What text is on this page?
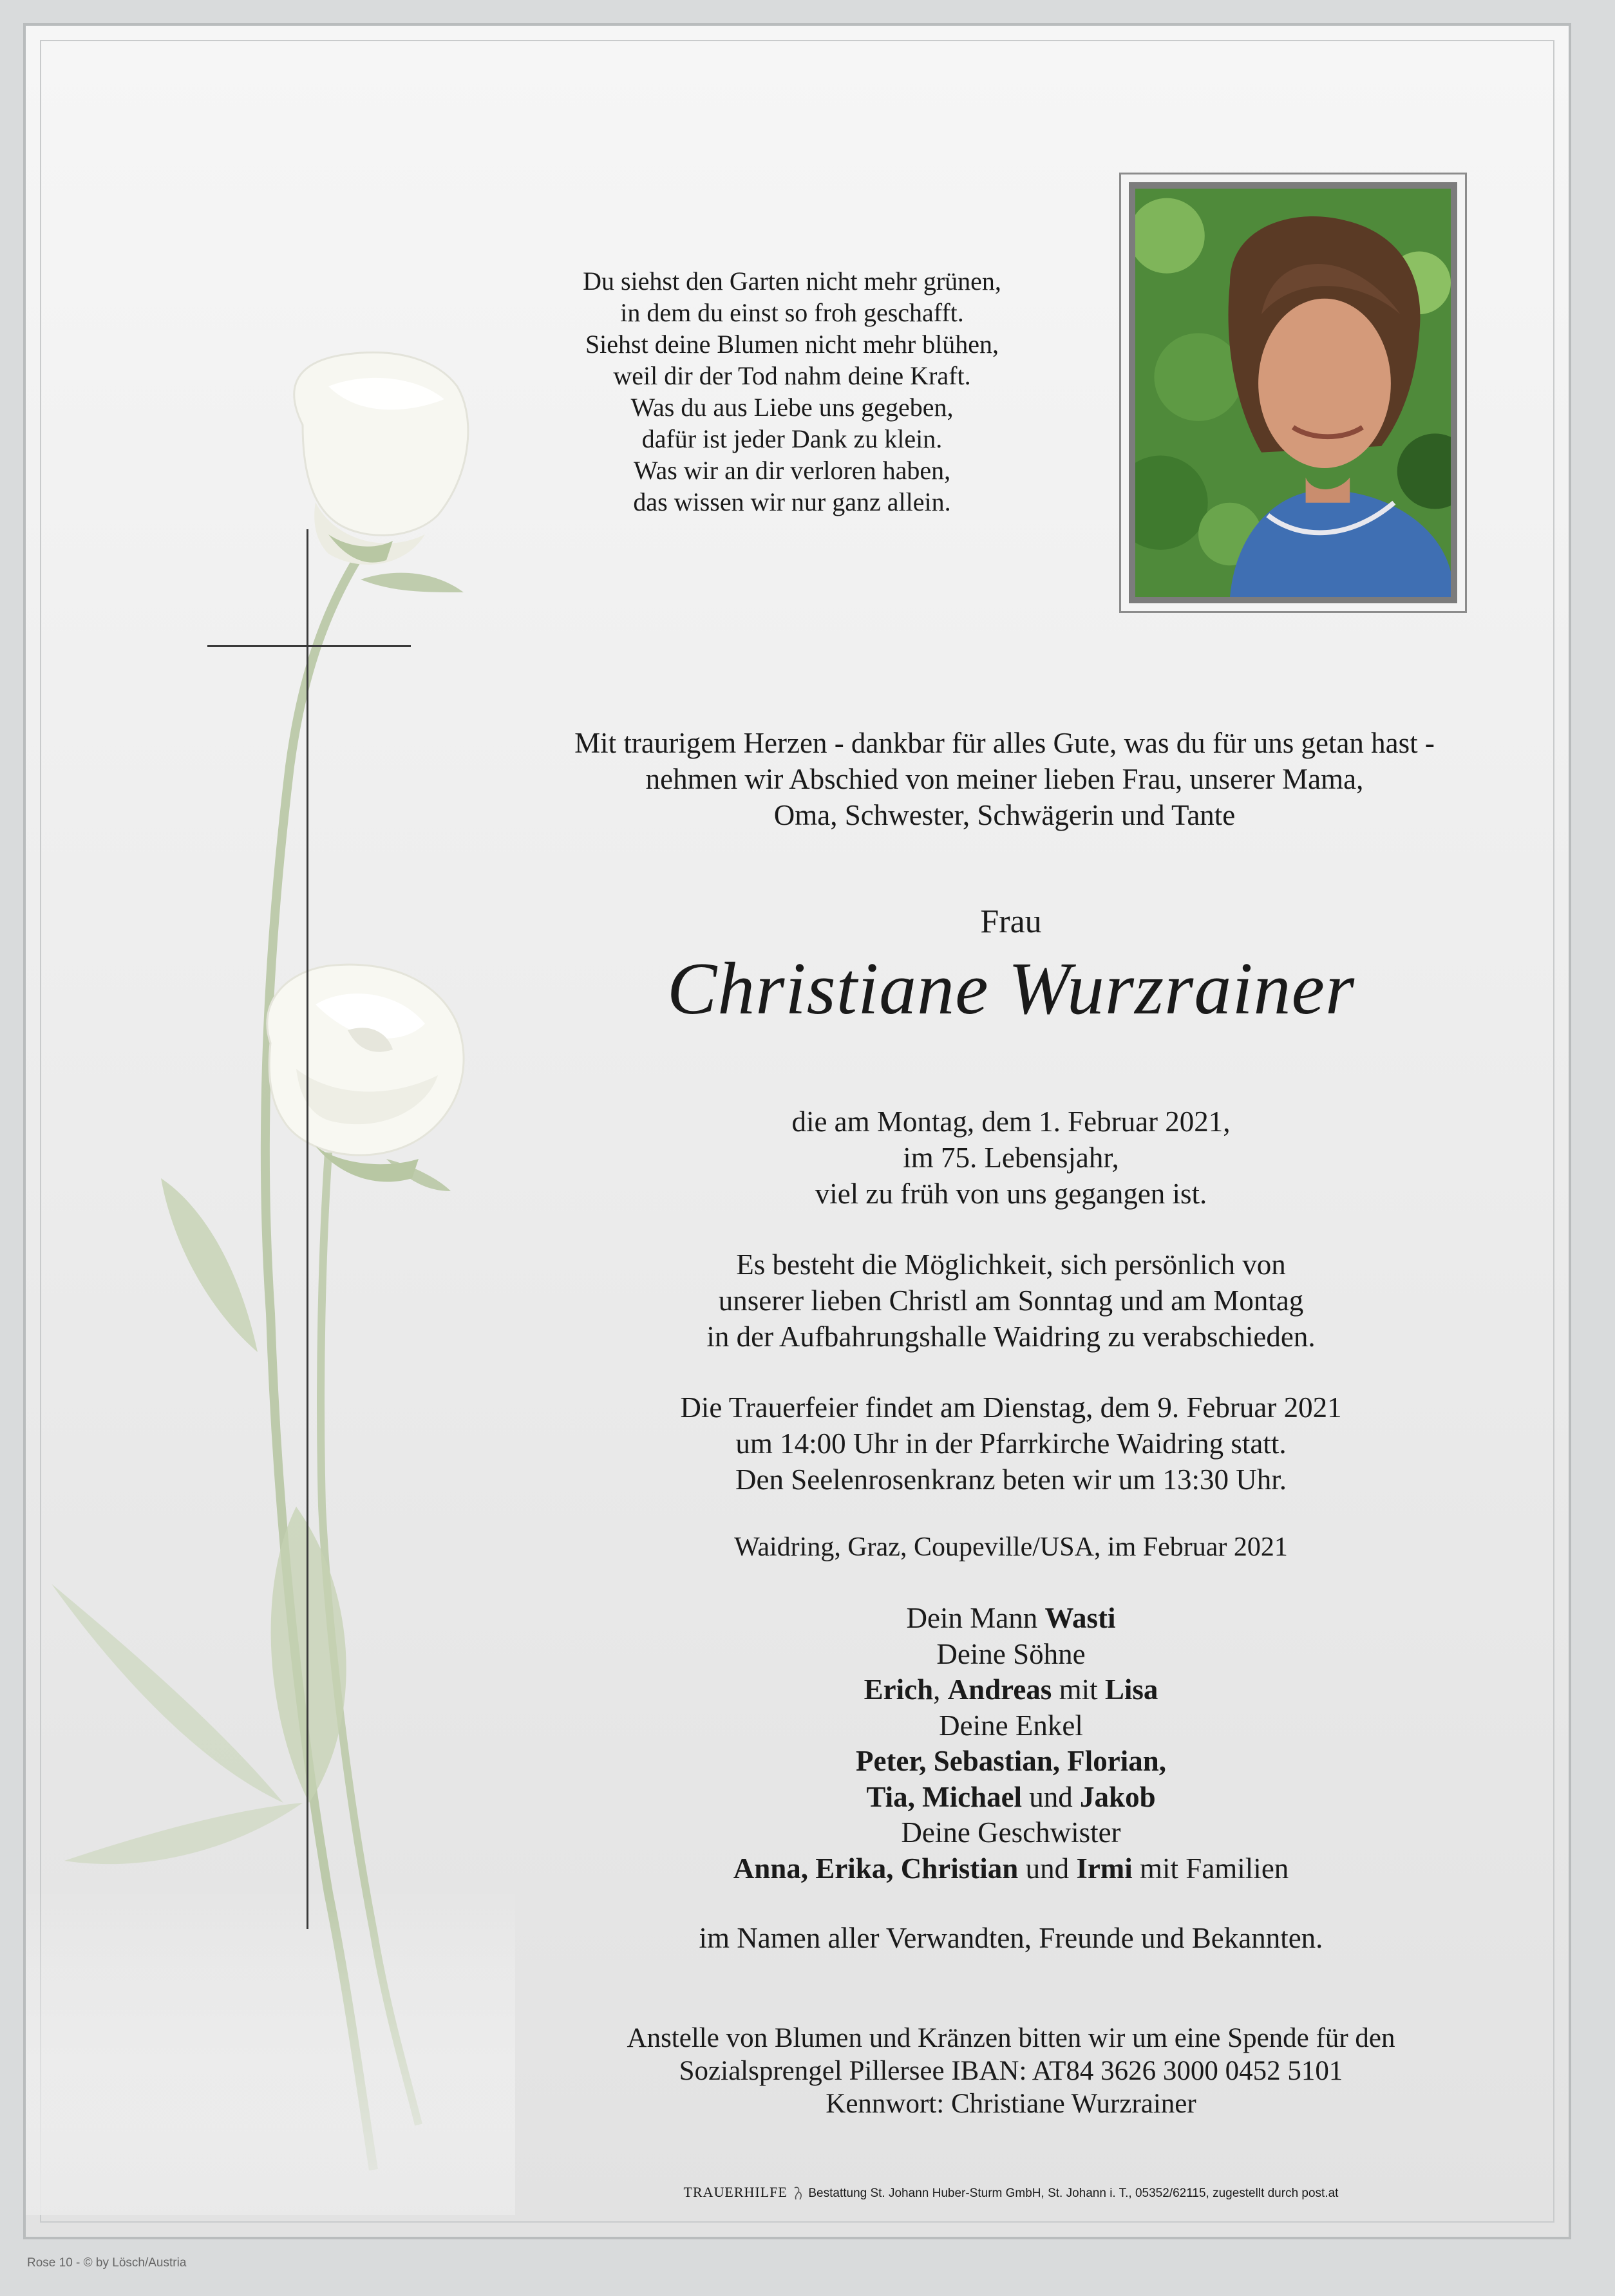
Du siehst den Garten nicht mehr grünen,
in dem du einst so froh geschafft.
Siehst deine Blumen nicht mehr blühen,
weil dir der Tod nahm deine Kraft.
Was du aus Liebe uns gegeben,
dafür ist jeder Dank zu klein.
Was wir an dir verloren haben,
das wissen wir nur ganz allein.
Mit traurigem Herzen - dankbar für alles Gute, was du für uns getan hast -
nehmen wir Abschied von meiner lieben Frau, unserer Mama,
Oma, Schwester, Schwägerin und Tante
Frau
Christiane Wurzrainer
die am Montag, dem 1. Februar 2021,
im 75. Lebensjahr,
viel zu früh von uns gegangen ist.
Es besteht die Möglichkeit, sich persönlich von
unserer lieben Christl am Sonntag und am Montag
in der Aufbahrungshalle Waidring zu verabschieden.
Die Trauerfeier findet am Dienstag, dem 9. Februar 2021
um 14:00 Uhr in der Pfarrkirche Waidring statt.
Den Seelenrosenkranz beten wir um 13:30 Uhr.
Waidring, Graz, Coupeville/USA, im Februar 2021
Dein Mann Wasti
Deine Söhne
Erich, Andreas mit Lisa
Deine Enkel
Peter, Sebastian, Florian,
Tia, Michael und Jakob
Deine Geschwister
Anna, Erika, Christian und Irmi mit Familien
im Namen aller Verwandten, Freunde und Bekannten.
Anstelle von Blumen und Kränzen bitten wir um eine Spende für den
Sozialsprengel Pillersee IBAN: AT84 3626 3000 0452 5101
Kennwort: Christiane Wurzrainer
TRAUERHILFE Bestattung St. Johann Huber-Sturm GmbH, St. Johann i. T., 05352/62115, zugestellt durch post.at
Rose 10 - © by Lösch/Austria
